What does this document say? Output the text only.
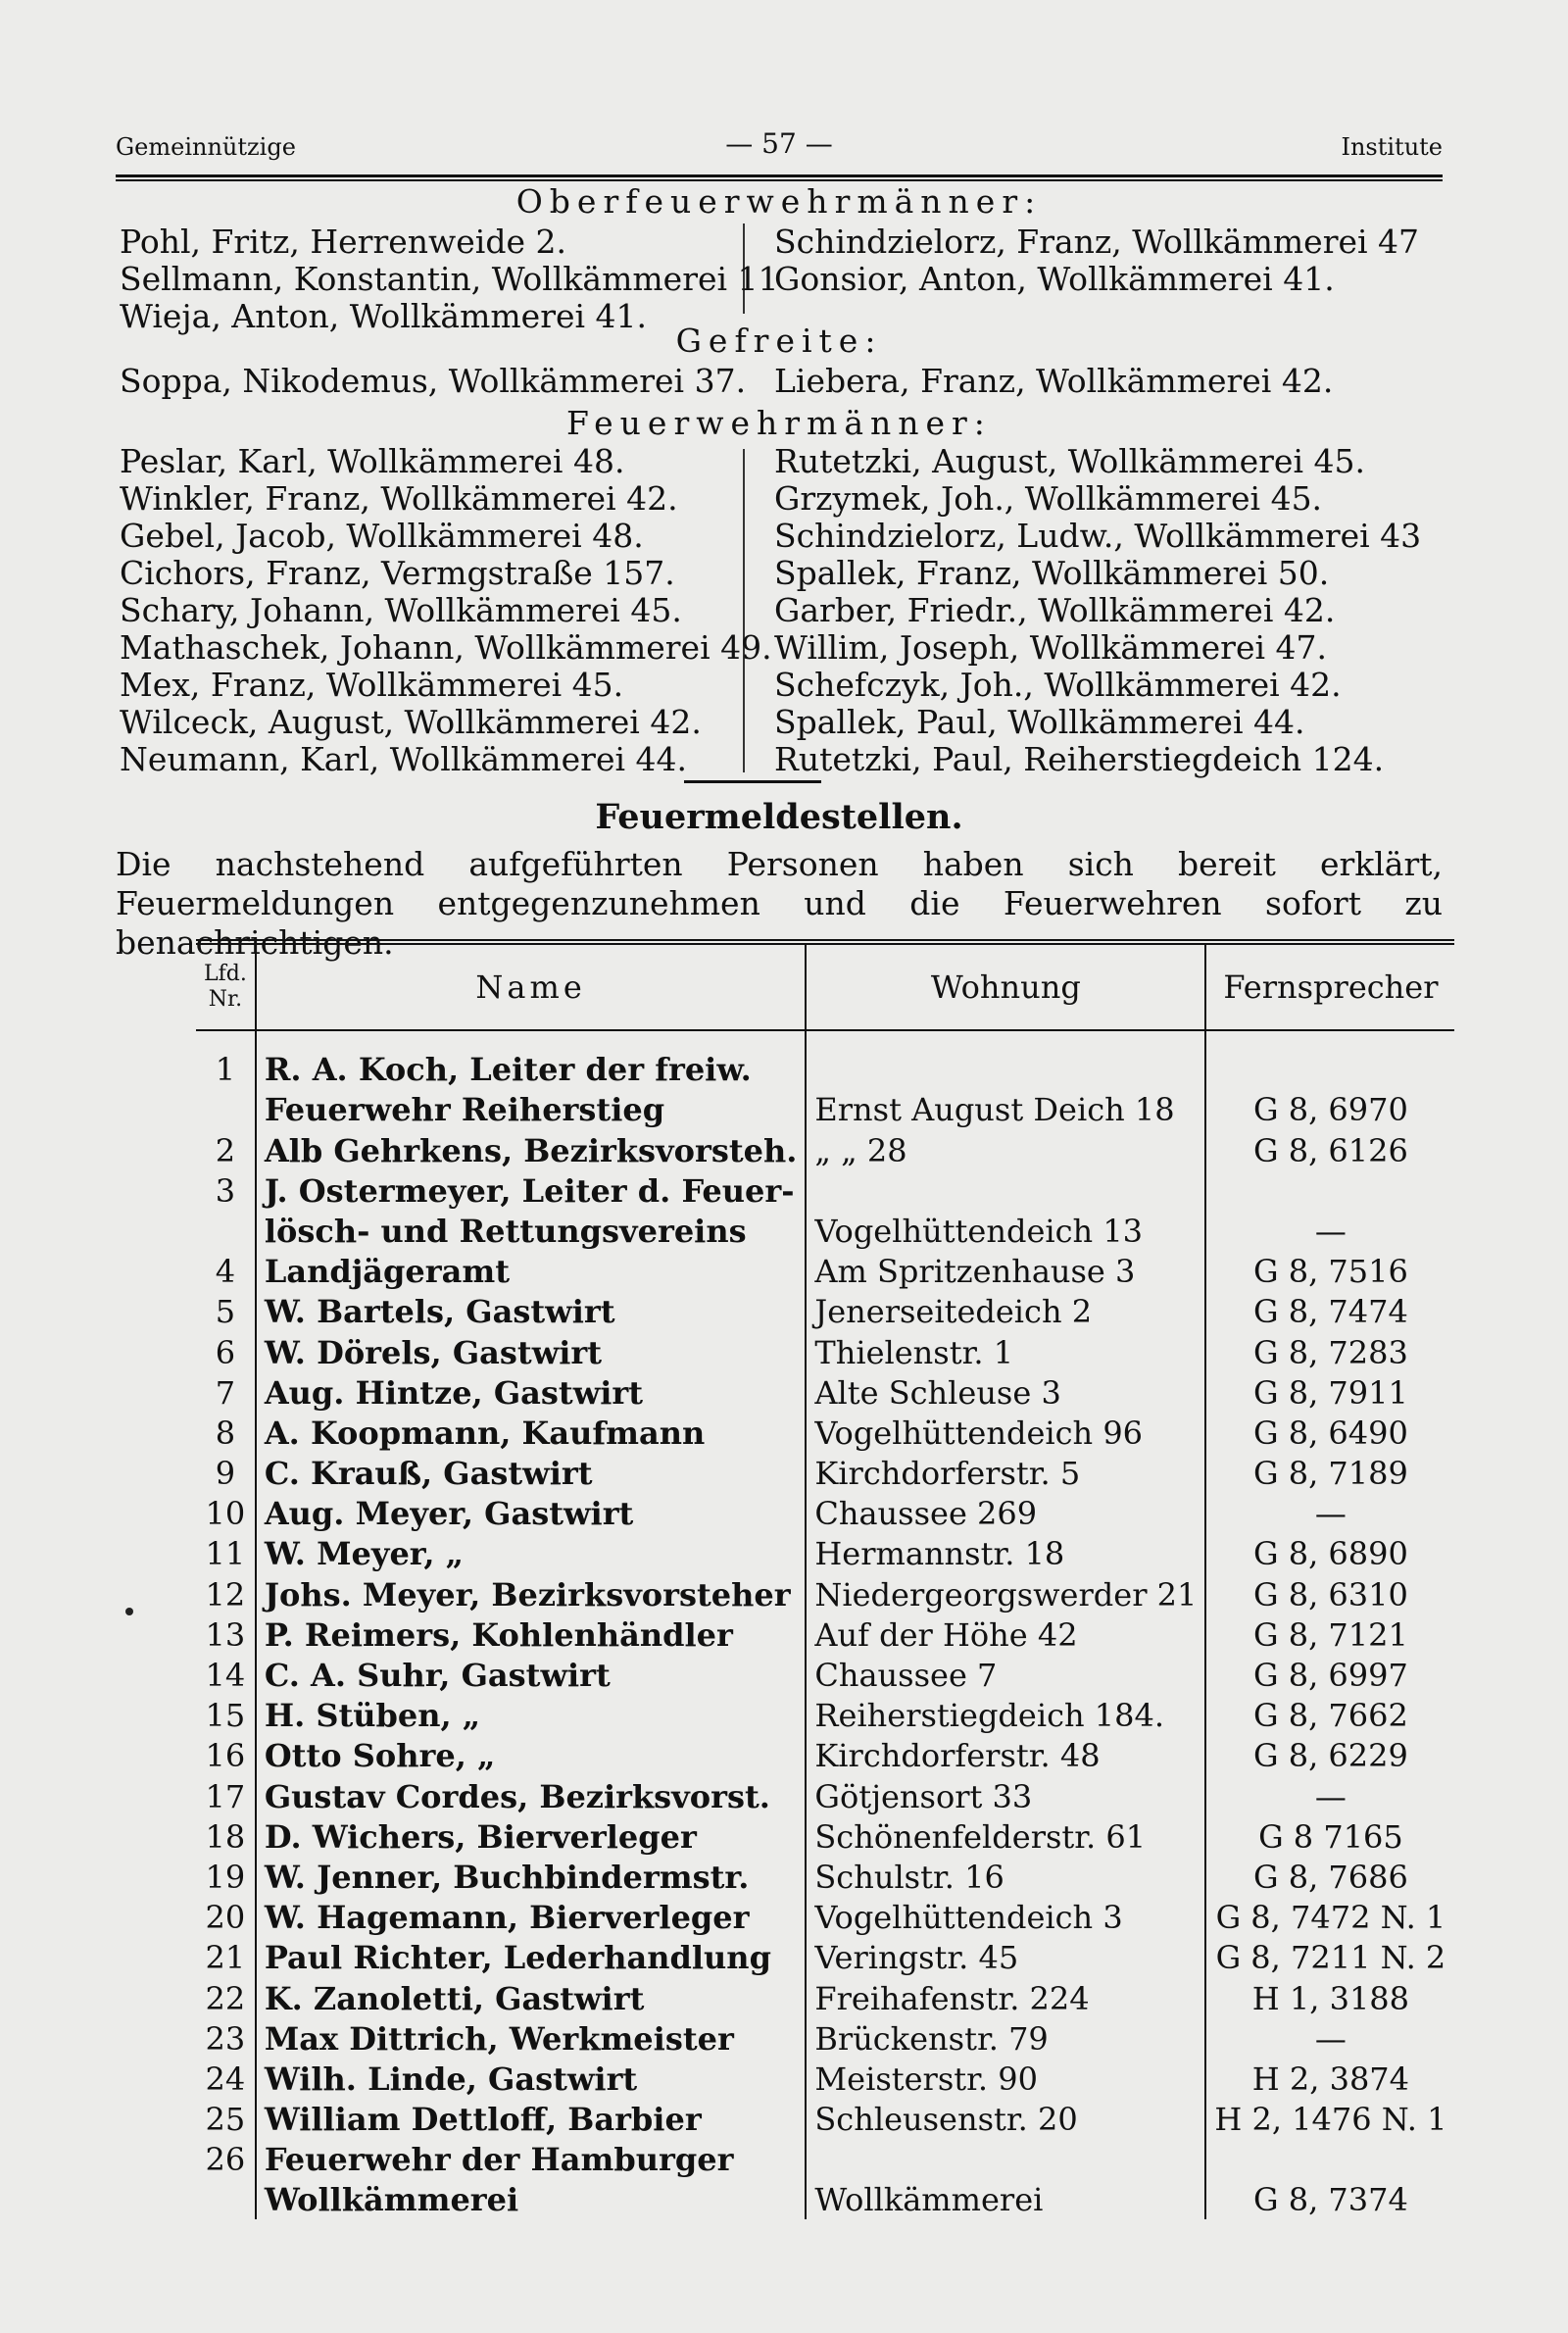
Gemeinnützige	— 57 —	Institute
Oberfeuerwehrmänner:
Pohl, Fritz, Herrenweide 2.
Sellmann, Konstantin, Wollkämmerei 11
Wieja, Anton, Wollkämmerei 41.
Schindzielorz, Franz, Wollkämmerei 47
Gonsior, Anton, Wollkämmerei 41.
Gefreite:
Soppa, Nikodemus, Wollkämmerei 37. Liebera, Franz, Wollkämmerei 42.
Feuerwehrmänner:
Peslar, Karl, Wollkämmerei 48.
Winkler, Franz, Wollkämmerei 42.
Gebel, Jacob, Wollkämmerei 48.
Cichors, Franz, Vermgstraße 157.
Schary, Johann, Wollkämmerei 45.
Mathaschek, Johann, Wollkämmerei 49.
Mex, Franz, Wollkämmerei 45.
Wilceck, August, Wollkämmerei 42.
Neumann, Karl, Wollkämmerei 44.
Rutetzki, August, Wollkämmerei 45.
Grzymek, Joh., Wollkämmerei 45.
Schindzielorz, Ludw., Wollkämmerei 43
Spallek, Franz, Wollkämmerei 50.
Garber, Friedr., Wollkämmerei 42.
Willim, Joseph, Wollkämmerei 47.
Schefczyk, Joh., Wollkämmerei 42.
Spallek, Paul, Wollkämmerei 44.
Rutetzki, Paul, Reiherstiegdeich 124.
Feuermeldestellen.
Die nachstehend aufgeführten Personen haben sich bereit erklärt, Feuermeldungen entgegenzunehmen und die Feuerwehren sofort zu benachrichtigen.
Lfd.
Nr.	Name	Wohnung	Fernsprecher
1	R. A. Koch, Leiter der freiw.		
	Feuerwehr Reiherstieg	Ernst August Deich 18	G 8, 6970
2	Alb Gehrkens, Bezirksvorsteh.	„ „ 28	G 8, 6126
3	J. Ostermeyer, Leiter d. Feuer-		
	lösch- und Rettungsvereins	Vogelhüttendeich 13	—
4	Landjägeramt	Am Spritzenhause 3	G 8, 7516
5	W. Bartels, Gastwirt	Jenerseitedeich 2	G 8, 7474
6	W. Dörels, Gastwirt	Thielenstr. 1	G 8, 7283
7	Aug. Hintze, Gastwirt	Alte Schleuse 3	G 8, 7911
8	A. Koopmann, Kaufmann	Vogelhüttendeich 96	G 8, 6490
9	C. Krauß, Gastwirt	Kirchdorferstr. 5	G 8, 7189
10	Aug. Meyer, Gastwirt	Chaussee 269	—
11	W. Meyer, „	Hermannstr. 18	G 8, 6890
12	Johs. Meyer, Bezirksvorsteher	Niedergeorgswerder 21	G 8, 6310
13	P. Reimers, Kohlenhändler	Auf der Höhe 42	G 8, 7121
14	C. A. Suhr, Gastwirt	Chaussee 7	G 8, 6997
15	H. Stüben, „	Reiherstiegdeich 184.	G 8, 7662
16	Otto Sohre, „	Kirchdorferstr. 48	G 8, 6229
17	Gustav Cordes, Bezirksvorst.	Götjensort 33	—
18	D. Wichers, Bierverleger	Schönenfelderstr. 61	G 8 7165
19	W. Jenner, Buchbindermstr.	Schulstr. 16	G 8, 7686
20	W. Hagemann, Bierverleger	Vogelhüttendeich 3	G 8, 7472 N. 1
21	Paul Richter, Lederhandlung	Veringstr. 45	G 8, 7211 N. 2
22	K. Zanoletti, Gastwirt	Freihafenstr. 224	H 1, 3188
23	Max Dittrich, Werkmeister	Brückenstr. 79	—
24	Wilh. Linde, Gastwirt	Meisterstr. 90	H 2, 3874
25	William Dettloff, Barbier	Schleusenstr. 20	H 2, 1476 N. 1
26	Feuerwehr der Hamburger		
	Wollkämmerei	Wollkämmerei	G 8, 7374
